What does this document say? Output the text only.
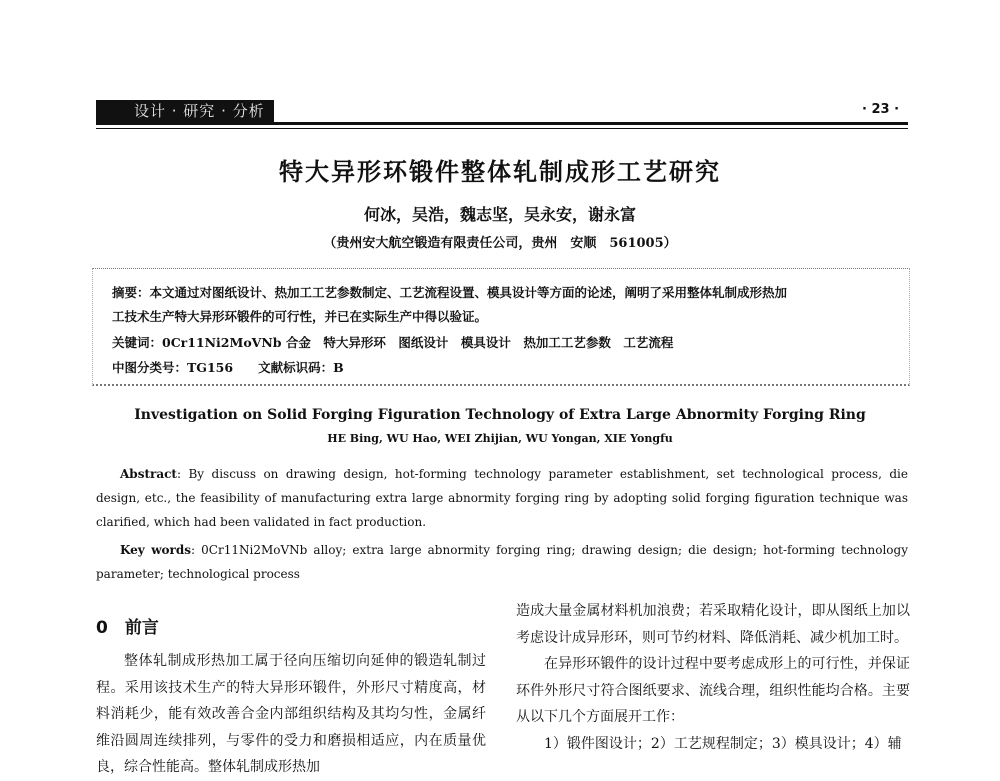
设计 · 研究 · 分析	· 23 ·
特大异形环锻件整体轧制成形工艺研究
何冰，吴浩，魏志坚，吴永安，谢永富
（贵州安大航空锻造有限责任公司，贵州　安顺　561005）
摘要：本文通过对图纸设计、热加工工艺参数制定、工艺流程设置、模具设计等方面的论述，阐明了采用整体轧制成形热加
工技术生产特大异形环锻件的可行性，并已在实际生产中得以验证。
关键词：0Cr11Ni2MoVNb 合金　特大异形环　图纸设计　模具设计　热加工工艺参数　工艺流程
中图分类号：TG156　　文献标识码：B
Investigation on Solid Forging Figuration Technology of Extra Large Abnormity Forging Ring
HE Bing, WU Hao, WEI Zhijian, WU Yongan, XIE Yongfu
Abstract: By discuss on drawing design, hot-forming technology parameter establishment, set technological process, die design, etc., the feasibility of manufacturing extra large abnormity forging ring by adopting solid forging figuration technique was clarified, which had been validated in fact production.
Key words: 0Cr11Ni2MoVNb alloy; extra large abnormity forging ring; drawing design; die design; hot-forming technology parameter; technological process
0　前言

整体轧制成形热加工属于径向压缩切向延伸的锻造轧制过程。采用该技术生产的特大异形环锻件，外形尺寸精度高，材料消耗少，能有效改善合金内部组织结构及其均匀性，金属纤维沿圆周连续排列，与零件的受力和磨损相适应，内在质量优良，综合性能高。整体轧制成形热加

造成大量金属材料机加浪费；若采取精化设计，即从图纸上加以考虑设计成异形环，则可节约材料、降低消耗、减少机加工时。

在异形环锻件的设计过程中要考虑成形上的可行性，并保证环件外形尺寸符合图纸要求、流线合理，组织性能均合格。主要从以下几个方面展开工作：

1）锻件图设计；2）工艺规程制定；3）模具设计；4）辅
